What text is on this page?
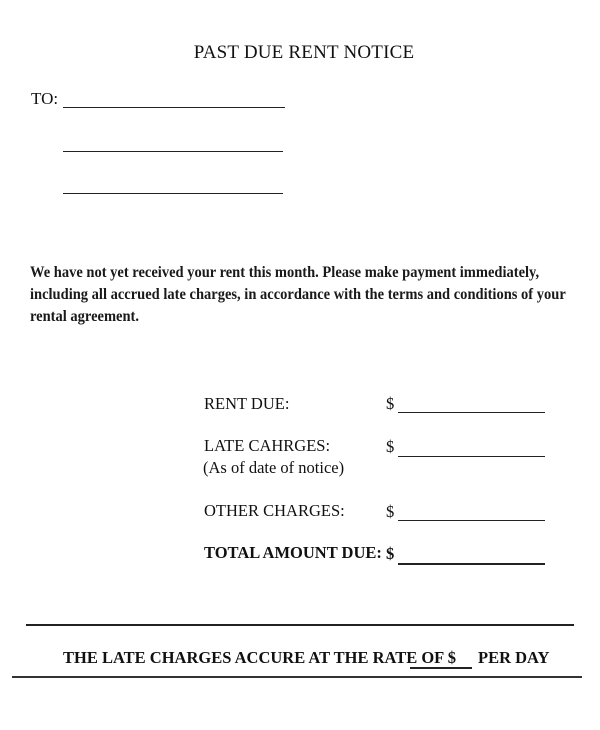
PAST DUE RENT NOTICE
TO:
We have not yet received your rent this month. Please make payment immediately,
including all accrued late charges, in accordance with the terms and conditions of your
rental agreement.
RENT DUE:	$
LATE CAHRGES:
(As of date of notice)
$
OTHER CHARGES:	$
TOTAL AMOUNT DUE: $
THE LATE CHARGES ACCURE AT THE RATE OF $ PER DAY
